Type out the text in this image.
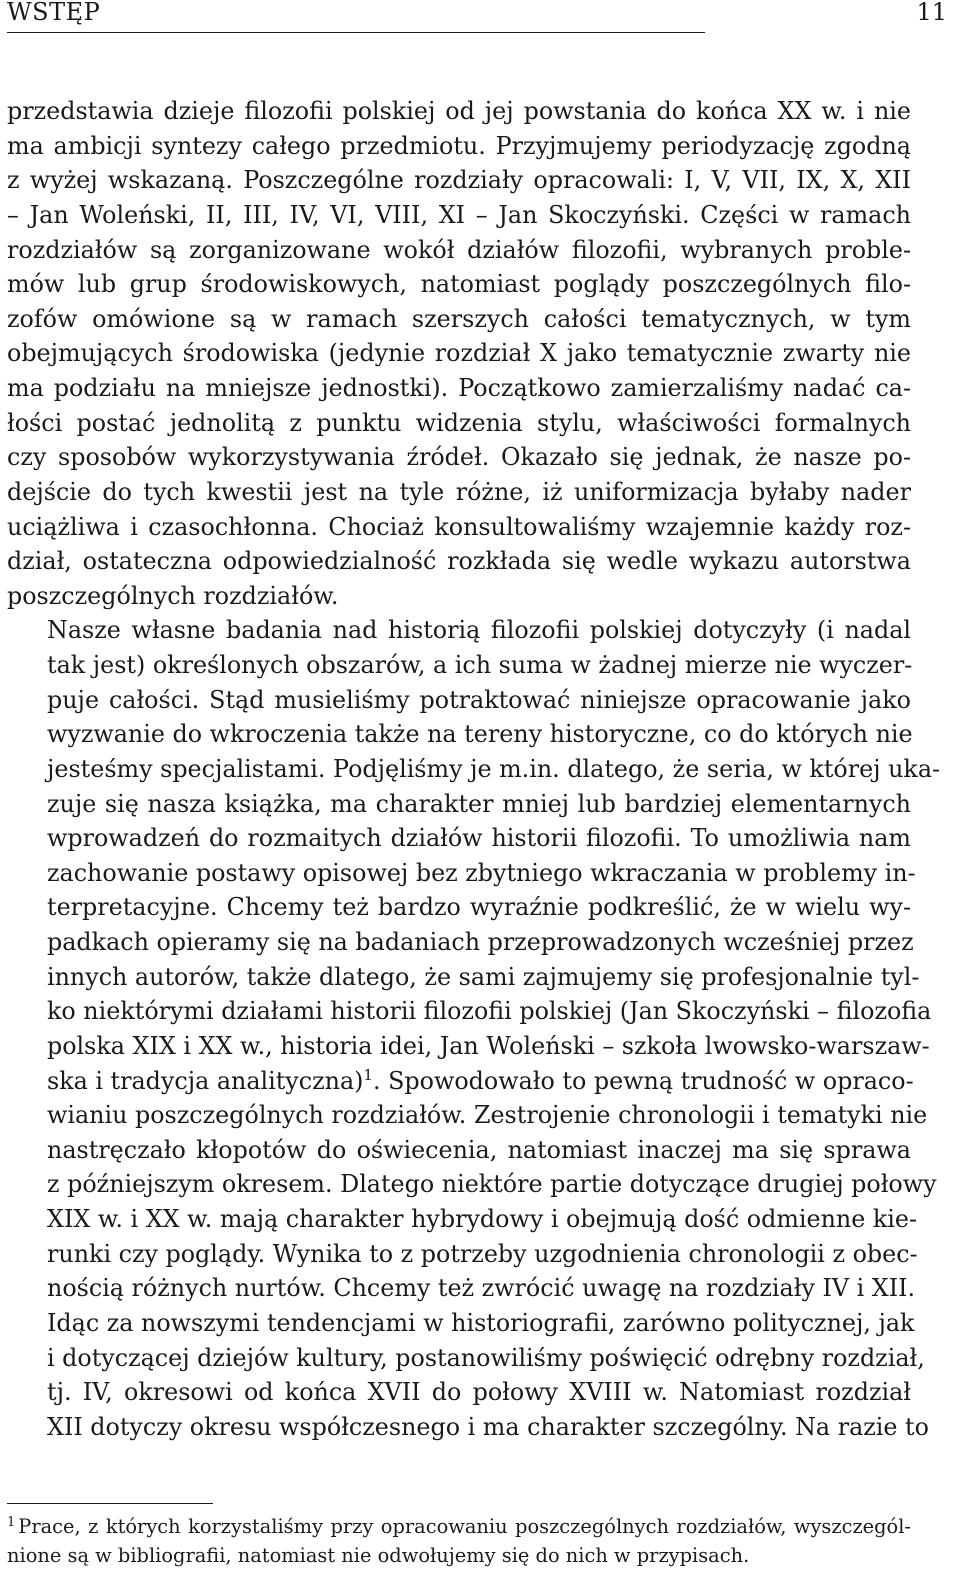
WSTĘP	11

przedstawia dzieje filozofii polskiej od jej powstania do końca XX w. i nie
ma ambicji syntezy całego przedmiotu. Przyjmujemy periodyzację zgodną
z wyżej wskazaną. Poszczególne rozdziały opracowali: I, V, VII, IX, X, XII
– Jan Woleński, II, III, IV, VI, VIII, XI – Jan Skoczyński. Części w ramach
rozdziałów są zorganizowane wokół działów filozofii, wybranych proble-
mów lub grup środowiskowych, natomiast poglądy poszczególnych filo-
zofów omówione są w ramach szerszych całości tematycznych, w tym
obejmujących środowiska (jedynie rozdział X jako tematycznie zwarty nie
ma podziału na mniejsze jednostki). Początkowo zamierzaliśmy nadać ca-
łości postać jednolitą z punktu widzenia stylu, właściwości formalnych
czy sposobów wykorzystywania źródeł. Okazało się jednak, że nasze po-
dejście do tych kwestii jest na tyle różne, iż uniformizacja byłaby nader
uciążliwa i czasochłonna. Chociaż konsultowaliśmy wzajemnie każdy roz-
dział, ostateczna odpowiedzialność rozkłada się wedle wykazu autorstwa
poszczególnych rozdziałów.

Nasze własne badania nad historią filozofii polskiej dotyczyły (i nadal
tak jest) określonych obszarów, a ich suma w żadnej mierze nie wyczer-
puje całości. Stąd musieliśmy potraktować niniejsze opracowanie jako
wyzwanie do wkroczenia także na tereny historyczne, co do których nie
jesteśmy specjalistami. Podjęliśmy je m.in. dlatego, że seria, w której uka-
zuje się nasza książka, ma charakter mniej lub bardziej elementarnych
wprowadzeń do rozmaitych działów historii filozofii. To umożliwia nam
zachowanie postawy opisowej bez zbytniego wkraczania w problemy in-
terpretacyjne. Chcemy też bardzo wyraźnie podkreślić, że w wielu wy-
padkach opieramy się na badaniach przeprowadzonych wcześniej przez
innych autorów, także dlatego, że sami zajmujemy się profesjonalnie tyl-
ko niektórymi działami historii filozofii polskiej (Jan Skoczyński – filozofia
polska XIX i XX w., historia idei, Jan Woleński – szkoła lwowsko-warszaw-
ska i tradycja analityczna)$^1$. Spowodowało to pewną trudność w opraco-
wianiu poszczególnych rozdziałów. Zestrojenie chronologii i tematyki nie
nastręczało kłopotów do oświecenia, natomiast inaczej ma się sprawa
z późniejszym okresem. Dlatego niektóre partie dotyczące drugiej połowy
XIX w. i XX w. mają charakter hybrydowy i obejmują dość odmienne kie-
runki czy poglądy. Wynika to z potrzeby uzgodnienia chronologii z obec-
nością różnych nurtów. Chcemy też zwrócić uwagę na rozdziały IV i XII.
Idąc za nowszymi tendencjami w historiografii, zarówno politycznej, jak
i dotyczącej dziejów kultury, postanowiliśmy poświęcić odrębny rozdział,
tj. IV, okresowi od końca XVII do połowy XVIII w. Natomiast rozdział
XII dotyczy okresu współczesnego i ma charakter szczególny. Na razie to

$^1$ Prace, z których korzystaliśmy przy opracowaniu poszczególnych rozdziałów, wyszczegól-
nione są w bibliografii, natomiast nie odwołujemy się do nich w przypisach.
